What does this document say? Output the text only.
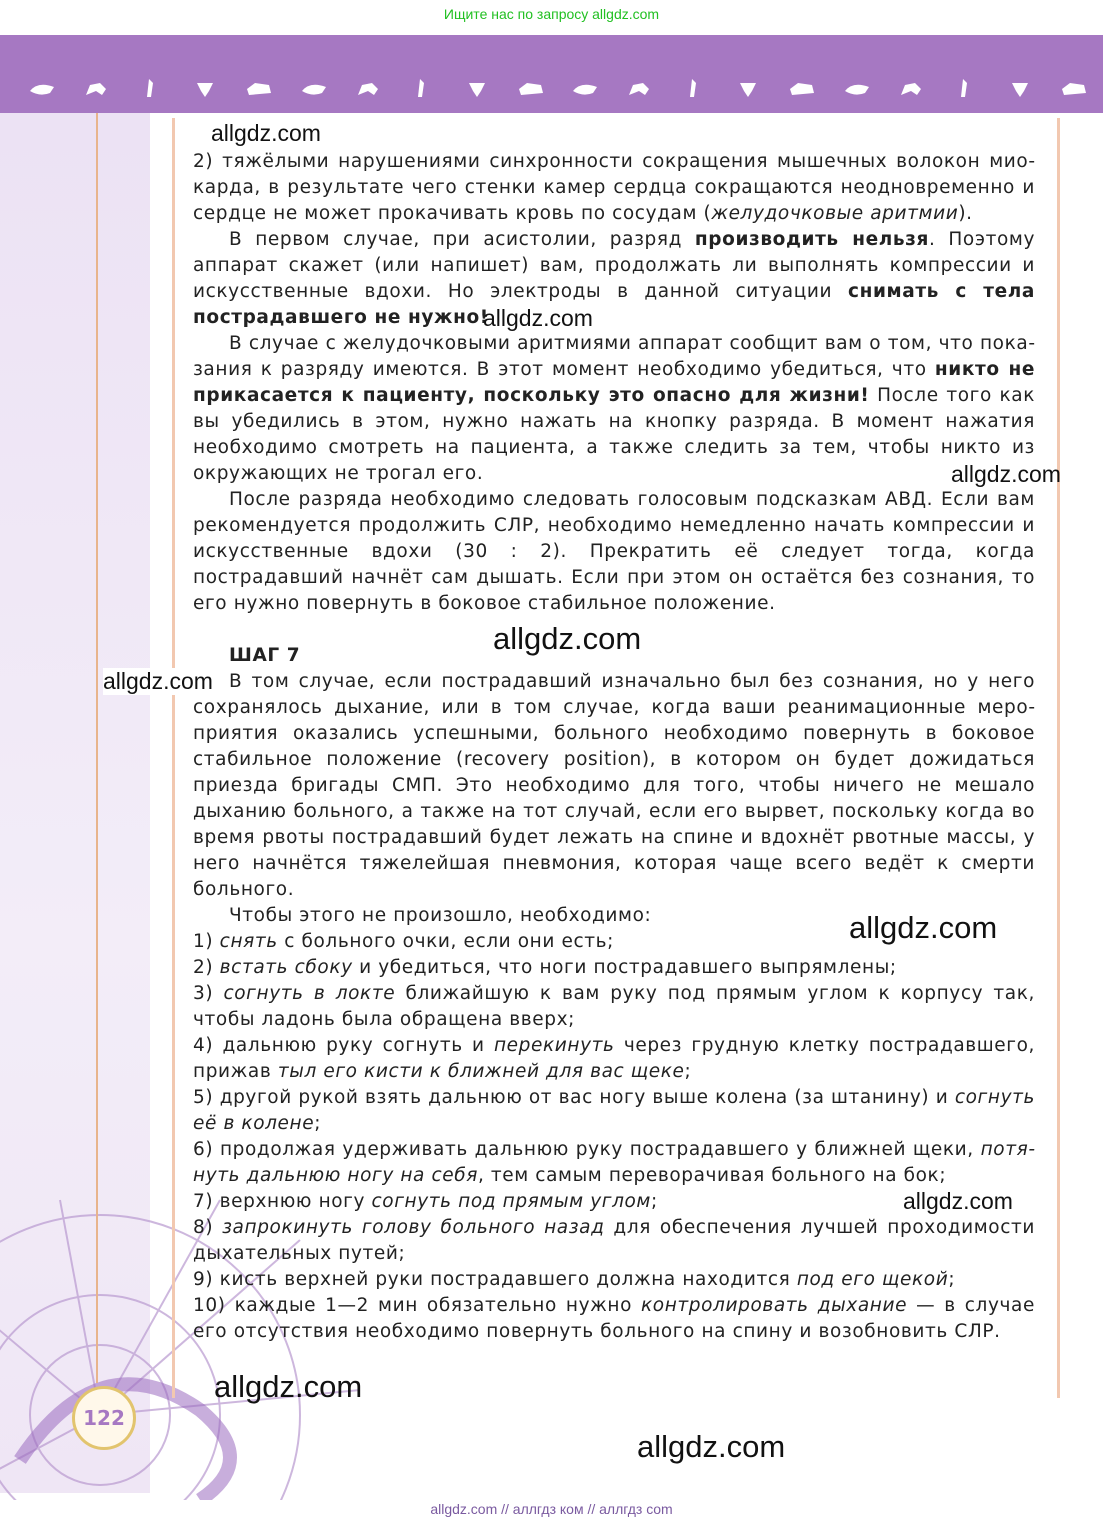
Ищите нас по запросу allgdz.com

2) тяжёлыми нарушениями синхронности сокращения мышечных волокон миокарда, в результате чего стенки камер сердца сокращаются неодновременно и сердце не может прокачивать кровь по сосудам (желудочковые аритмии).

В первом случае, при асистолии, разряд производить нельзя. Поэтому аппарат скажет (или напишет) вам, продолжать ли выполнять компрессии и искусственные вдохи. Но электроды в данной ситуации снимать с тела пострадавшего не нужно!

В случае с желудочковыми аритмиями аппарат сообщит вам о том, что показания к разряду имеются. В этот момент необходимо убедиться, что никто не прикасается к пациенту, поскольку это опасно для жизни! После того как вы убедились в этом, нужно нажать на кнопку разряда. В момент нажатия необходимо смотреть на пациента, а также следить за тем, чтобы никто из окружающих не трогал его.

После разряда необходимо следовать голосовым подсказкам АВД. Если вам рекомендуется продолжить СЛР, необходимо немедленно начать компрессии и искусственные вдохи (30 : 2). Прекратить её следует тогда, когда пострадавший начнёт сам дышать. Если при этом он остаётся без сознания, то его нужно повернуть в боковое стабильное положение.

ШАГ 7

В том случае, если пострадавший изначально был без сознания, но у него сохранялось дыхание, или в том случае, когда ваши реанимационные мероприятия оказались успешными, больного необходимо повернуть в боковое стабильное положение (recovery position), в котором он будет дожидаться приезда бригады СМП. Это необходимо для того, чтобы ничего не мешало дыханию больного, а также на тот случай, если его вырвет, поскольку когда во время рвоты пострадавший будет лежать на спине и вдохнёт рвотные массы, у него начнётся тяжелейшая пневмония, которая чаще всего ведёт к смерти больного.

Чтобы этого не произошло, необходимо:

1) снять с больного очки, если они есть;

2) встать сбоку и убедиться, что ноги пострадавшего выпрямлены;

3) согнуть в локте ближайшую к вам руку под прямым углом к корпусу так, чтобы ладонь была обращена вверх;

4) дальнюю руку согнуть и перекинуть через грудную клетку пострадавшего, прижав тыл его кисти к ближней для вас щеке;

5) другой рукой взять дальнюю от вас ногу выше колена (за штанину) и согнуть её в колене;

6) продолжая удерживать дальнюю руку пострадавшего у ближней щеки, потянуть дальнюю ногу на себя, тем самым переворачивая больного на бок;

7) верхнюю ногу согнуть под прямым углом;

8) запрокинуть голову больного назад для обеспечения лучшей проходимости дыхательных путей;

9) кисть верхней руки пострадавшего должна находится под его щекой;

10) каждые 1—2 мин обязательно нужно контролировать дыхание — в случае его отсутствия необходимо повернуть больного на спину и возобновить СЛР.

allgdz.com
allgdz.com
allgdz.com
allgdz.com
allgdz.com
allgdz.com
allgdz.com
allgdz.com
allgdz.com
122
allgdz.com // аллгдз ком // аллгдз com
